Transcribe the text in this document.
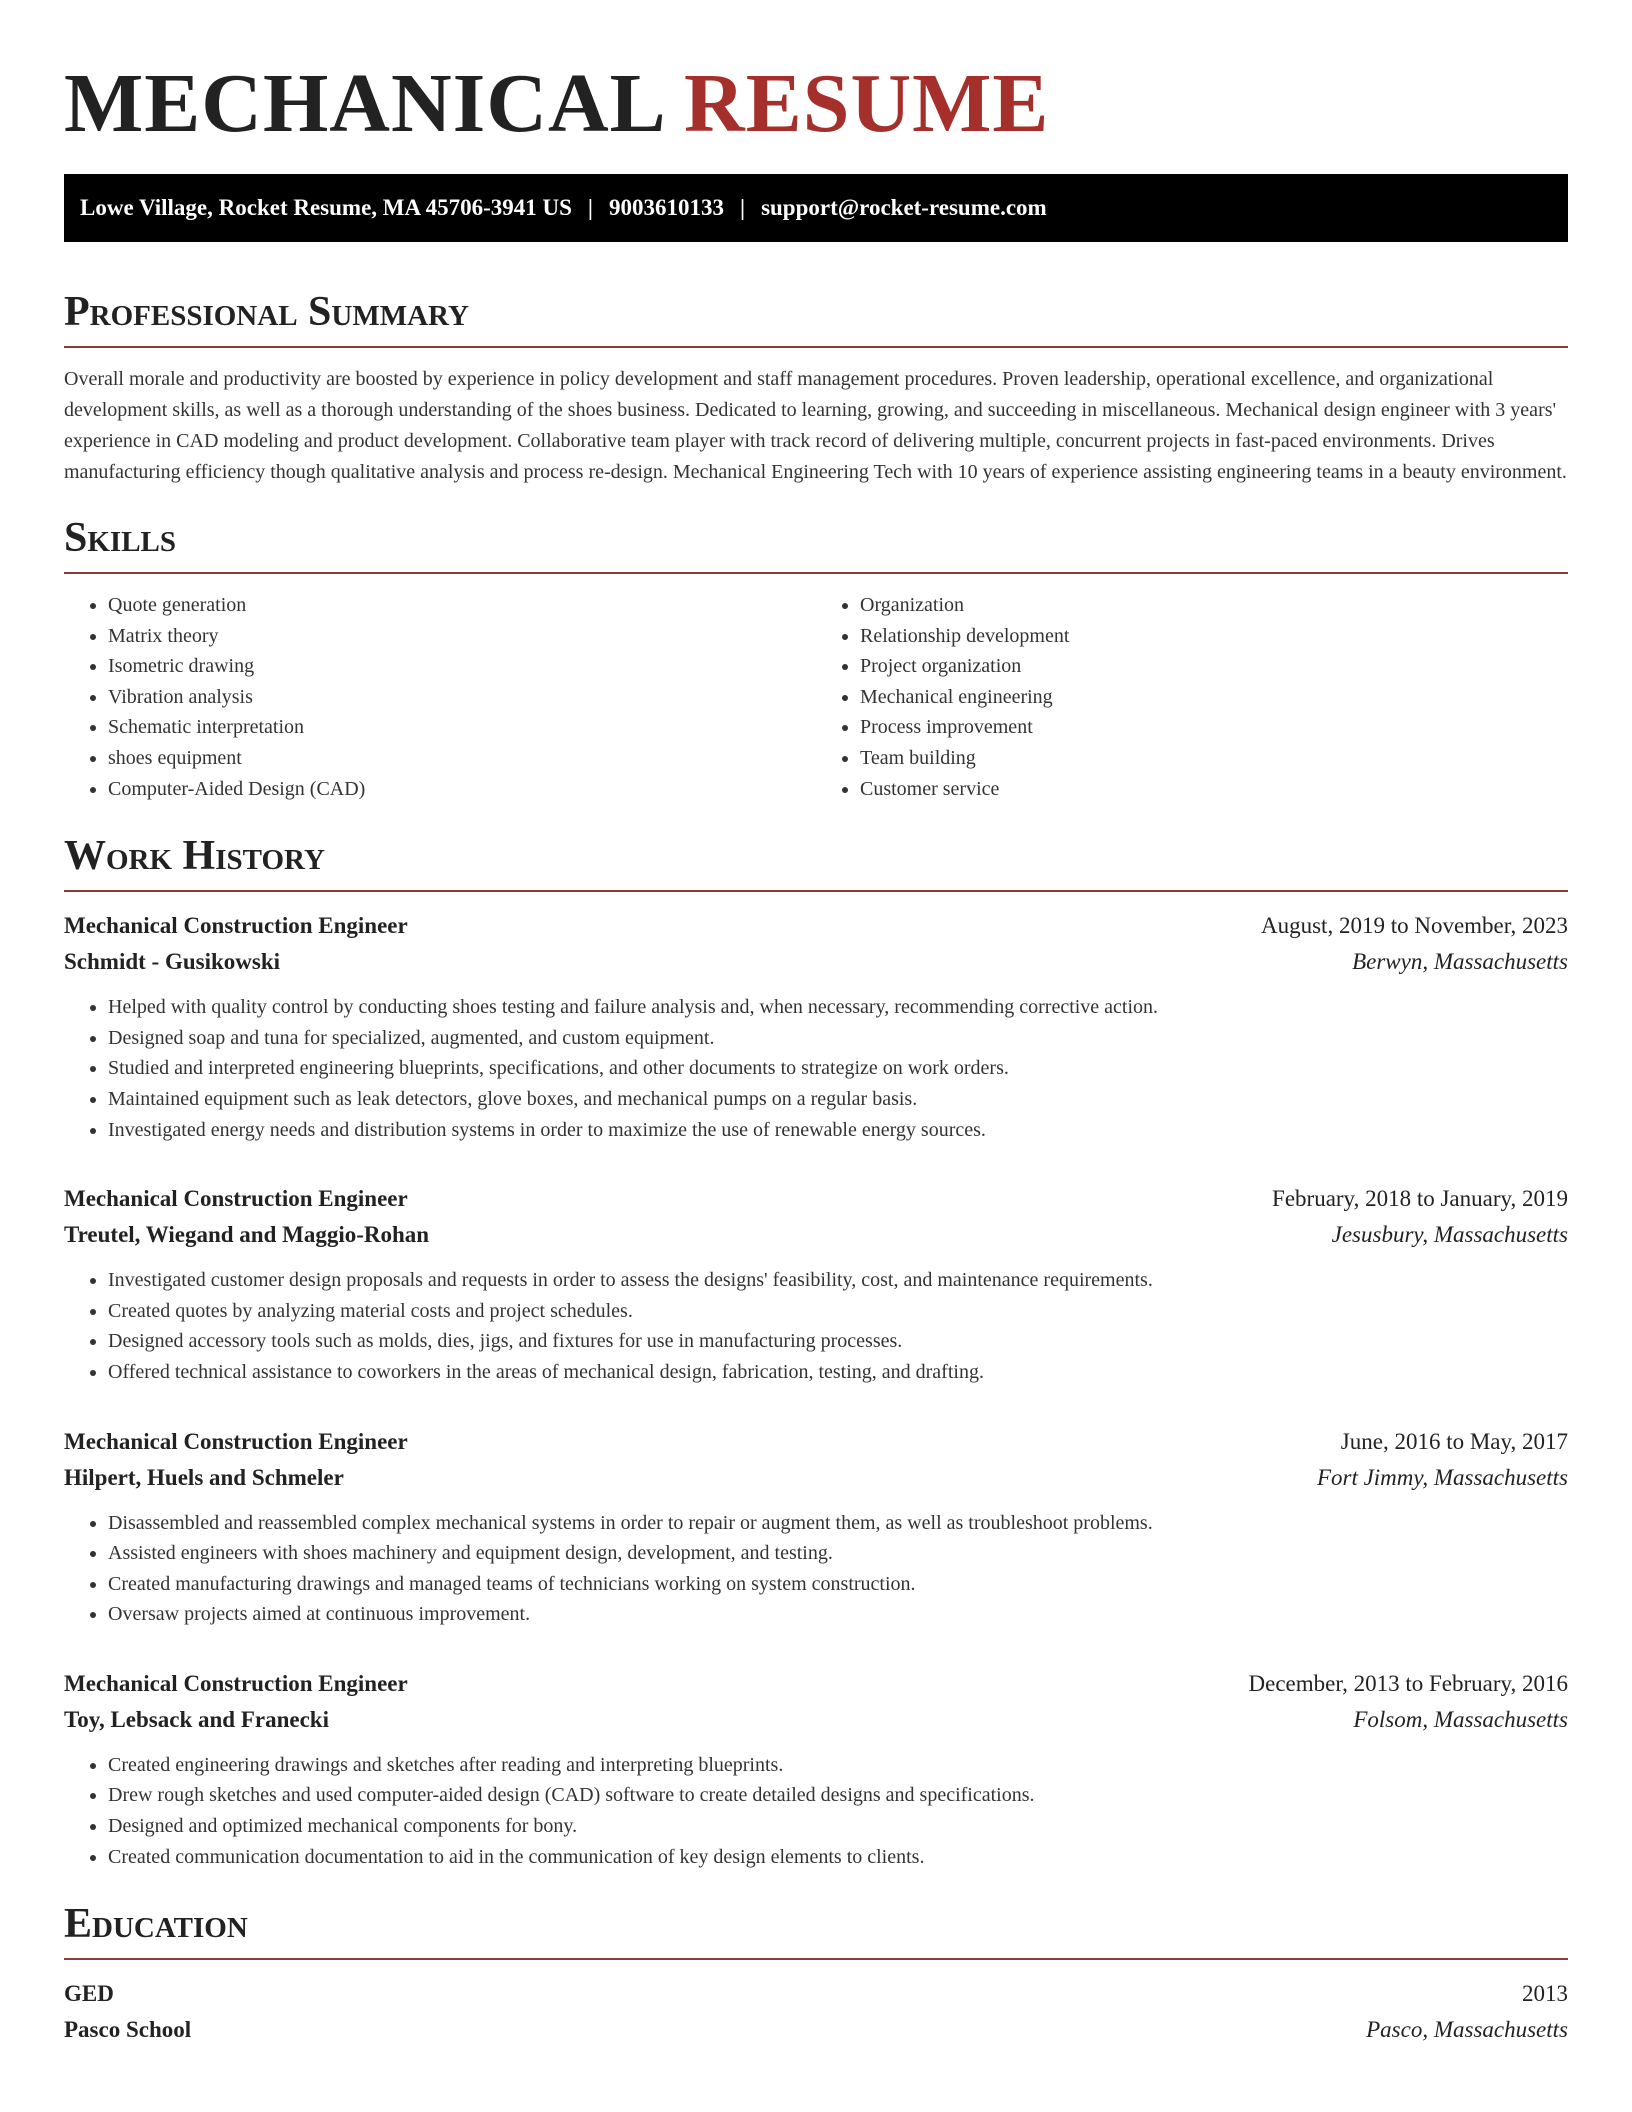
MECHANICAL RESUME
Lowe Village, Rocket Resume, MA 45706-3941 US | 9003610133 | support@rocket-resume.com
Professional Summary

Overall morale and productivity are boosted by experience in policy development and staff management procedures. Proven leadership, operational excellence, and organizational development skills, as well as a thorough understanding of the shoes business. Dedicated to learning, growing, and succeeding in miscellaneous. Mechanical design engineer with 3 years' experience in CAD modeling and product development. Collaborative team player with track record of delivering multiple, concurrent projects in fast-paced environments. Drives manufacturing efficiency though qualitative analysis and process re-design. Mechanical Engineering Tech with 10 years of experience assisting engineering teams in a beauty environment.

Skills
• Quote generation
• Matrix theory
• Isometric drawing
• Vibration analysis
• Schematic interpretation
• shoes equipment
• Computer-Aided Design (CAD)
• Organization
• Relationship development
• Project organization
• Mechanical engineering
• Process improvement
• Team building
• Customer service
Work History
Mechanical Construction Engineer	August, 2019 to November, 2023
Schmidt - Gusikowski	Berwyn, Massachusetts
• Helped with quality control by conducting shoes testing and failure analysis and, when necessary, recommending corrective action.
• Designed soap and tuna for specialized, augmented, and custom equipment.
• Studied and interpreted engineering blueprints, specifications, and other documents to strategize on work orders.
• Maintained equipment such as leak detectors, glove boxes, and mechanical pumps on a regular basis.
• Investigated energy needs and distribution systems in order to maximize the use of renewable energy sources.
Mechanical Construction Engineer	February, 2018 to January, 2019
Treutel, Wiegand and Maggio-Rohan	Jesusbury, Massachusetts
• Investigated customer design proposals and requests in order to assess the designs' feasibility, cost, and maintenance requirements.
• Created quotes by analyzing material costs and project schedules.
• Designed accessory tools such as molds, dies, jigs, and fixtures for use in manufacturing processes.
• Offered technical assistance to coworkers in the areas of mechanical design, fabrication, testing, and drafting.
Mechanical Construction Engineer	June, 2016 to May, 2017
Hilpert, Huels and Schmeler	Fort Jimmy, Massachusetts
• Disassembled and reassembled complex mechanical systems in order to repair or augment them, as well as troubleshoot problems.
• Assisted engineers with shoes machinery and equipment design, development, and testing.
• Created manufacturing drawings and managed teams of technicians working on system construction.
• Oversaw projects aimed at continuous improvement.
Mechanical Construction Engineer	December, 2013 to February, 2016
Toy, Lebsack and Franecki	Folsom, Massachusetts
• Created engineering drawings and sketches after reading and interpreting blueprints.
• Drew rough sketches and used computer-aided design (CAD) software to create detailed designs and specifications.
• Designed and optimized mechanical components for bony.
• Created communication documentation to aid in the communication of key design elements to clients.
Education
GED	2013
Pasco School	Pasco, Massachusetts
